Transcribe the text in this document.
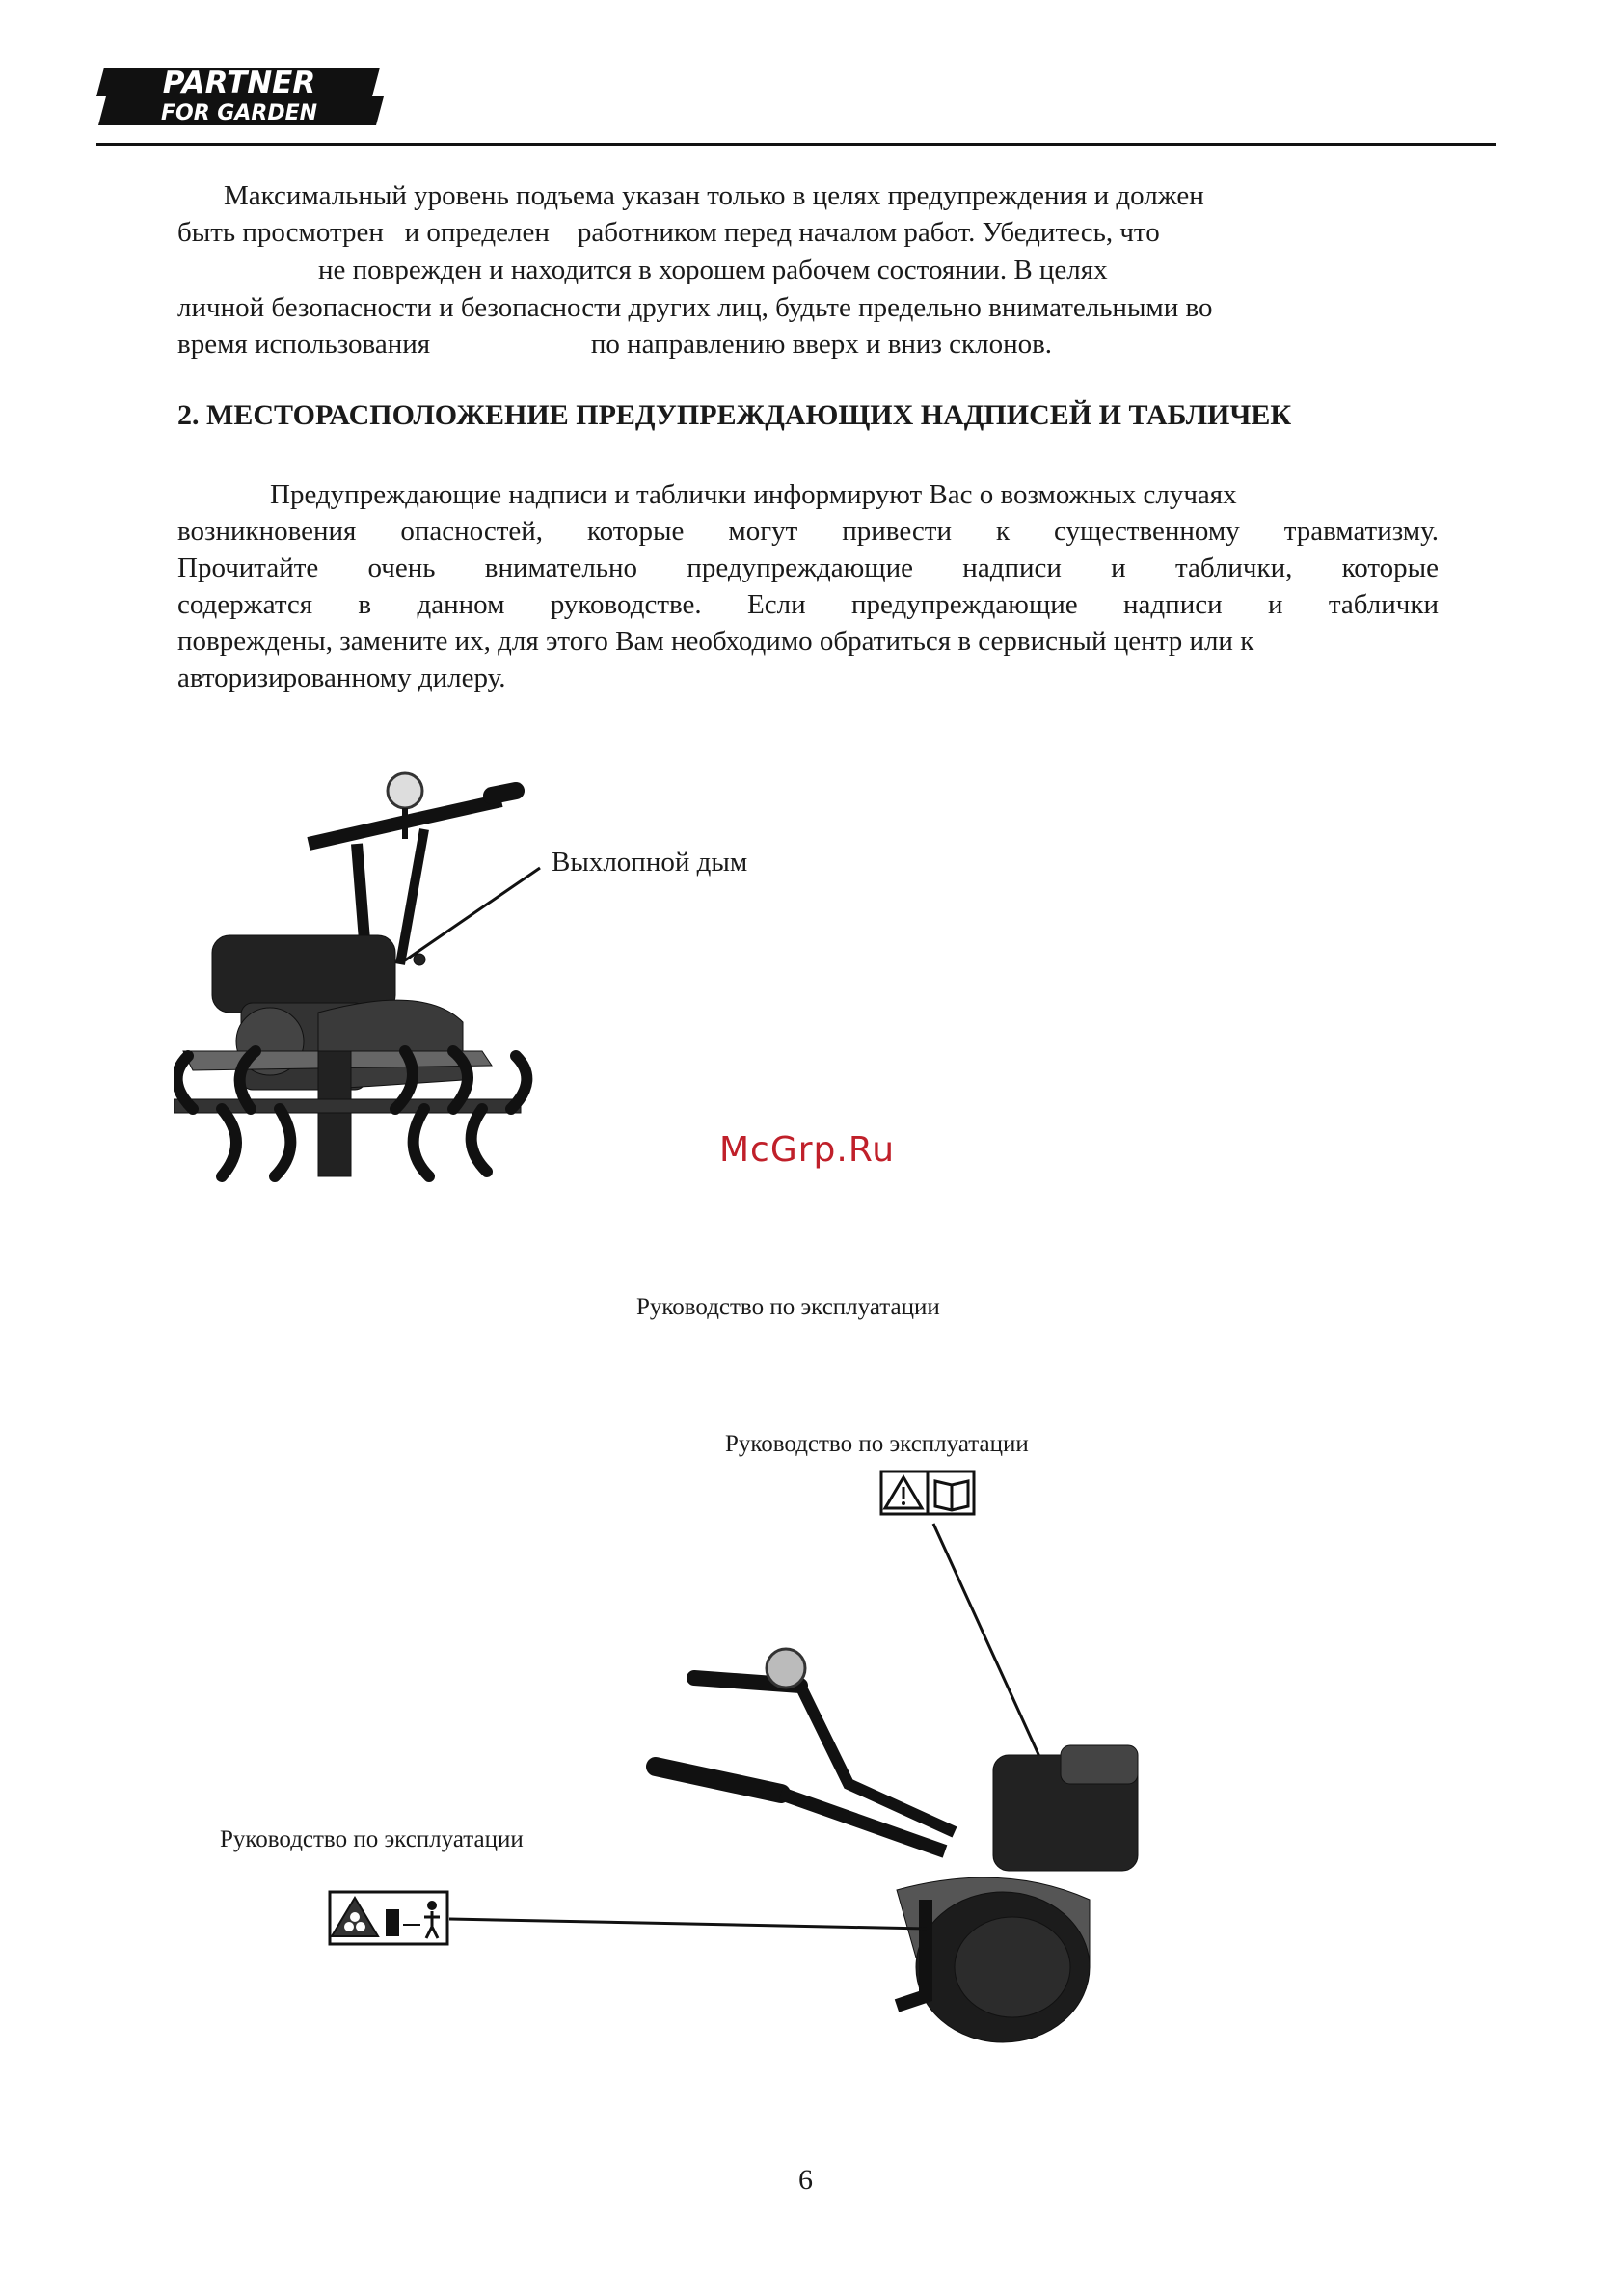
PARTNER
FOR GARDEN
Максимальный уровень подъема указан только в целях предупреждения и должен
быть просмотрен   и определен    работником перед началом работ. Убедитесь, что
не поврежден и находится в хорошем рабочем состоянии. В целях
личной безопасности и безопасности других лиц, будьте предельно внимательными во
время использования                       по направлению вверх и вниз склонов.
2. МЕСТОРАСПОЛОЖЕНИЕ ПРЕДУПРЕЖДАЮЩИХ НАДПИСЕЙ И ТАБЛИЧЕК
Предупреждающие надписи и таблички информируют Вас о возможных случаях
возникновения опасностей, которые могут привести к существенному травматизму.
Прочитайте очень внимательно предупреждающие надписи и таблички, которые
содержатся в данном руководстве. Если предупреждающие надписи и таблички
повреждены, замените их, для этого Вам необходимо обратиться в сервисный центр или к
авторизированному дилеру.
Выхлопной дым
McGrp.Ru
Руководство по эксплуатации
Руководство по эксплуатации
Руководство по эксплуатации
6
